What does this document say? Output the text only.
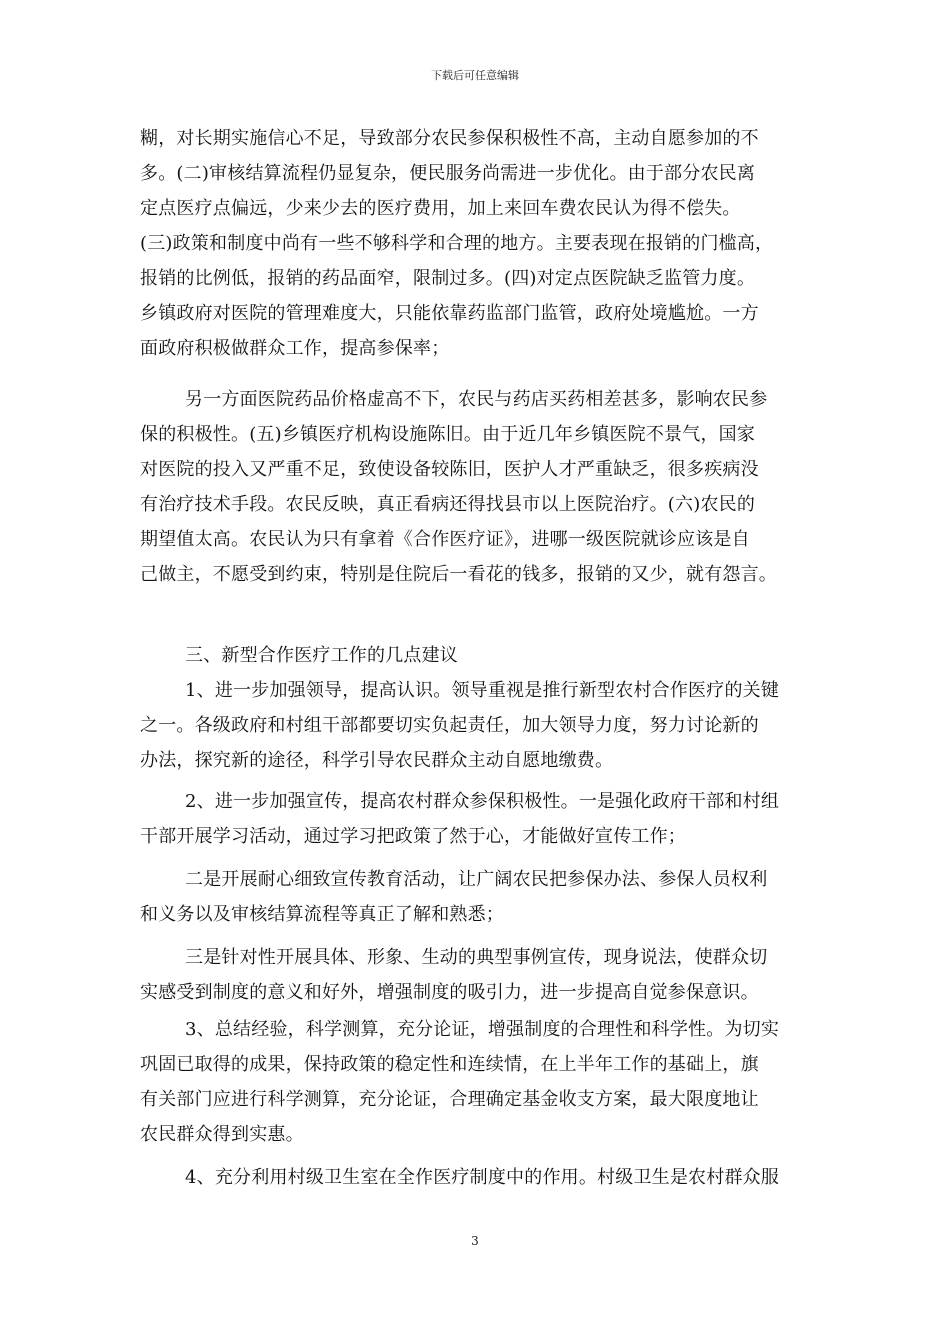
下载后可任意编辑
糊，对长期实施信心不足，导致部分农民参保积极性不高，主动自愿参加的不
多。(二)审核结算流程仍显复杂，便民服务尚需进一步优化。由于部分农民离
定点医疗点偏远，少来少去的医疗费用，加上来回车费农民认为得不偿失。
(三)政策和制度中尚有一些不够科学和合理的地方。主要表现在报销的门槛高，
报销的比例低，报销的药品面窄，限制过多。(四)对定点医院缺乏监管力度。
乡镇政府对医院的管理难度大，只能依靠药监部门监管，政府处境尴尬。一方
面政府积极做群众工作，提高参保率；
另一方面医院药品价格虚高不下，农民与药店买药相差甚多，影响农民参
保的积极性。(五)乡镇医疗机构设施陈旧。由于近几年乡镇医院不景气，国家
对医院的投入又严重不足，致使设备较陈旧，医护人才严重缺乏，很多疾病没
有治疗技术手段。农民反映，真正看病还得找县市以上医院治疗。(六)农民的
期望值太高。农民认为只有拿着《合作医疗证》，进哪一级医院就诊应该是自
己做主，不愿受到约束，特别是住院后一看花的钱多，报销的又少，就有怨言。
三、新型合作医疗工作的几点建议
1、进一步加强领导，提高认识。领导重视是推行新型农村合作医疗的关键
之一。各级政府和村组干部都要切实负起责任，加大领导力度，努力讨论新的
办法，探究新的途径，科学引导农民群众主动自愿地缴费。
2、进一步加强宣传，提高农村群众参保积极性。一是强化政府干部和村组
干部开展学习活动，通过学习把政策了然于心，才能做好宣传工作；
二是开展耐心细致宣传教育活动，让广阔农民把参保办法、参保人员权利
和义务以及审核结算流程等真正了解和熟悉；
三是针对性开展具体、形象、生动的典型事例宣传，现身说法，使群众切
实感受到制度的意义和好外，增强制度的吸引力，进一步提高自觉参保意识。
3、总结经验，科学测算，充分论证，增强制度的合理性和科学性。为切实
巩固已取得的成果，保持政策的稳定性和连续情，在上半年工作的基础上，旗
有关部门应进行科学测算，充分论证，合理确定基金收支方案，最大限度地让
农民群众得到实惠。
4、充分利用村级卫生室在全作医疗制度中的作用。村级卫生是农村群众服
3
